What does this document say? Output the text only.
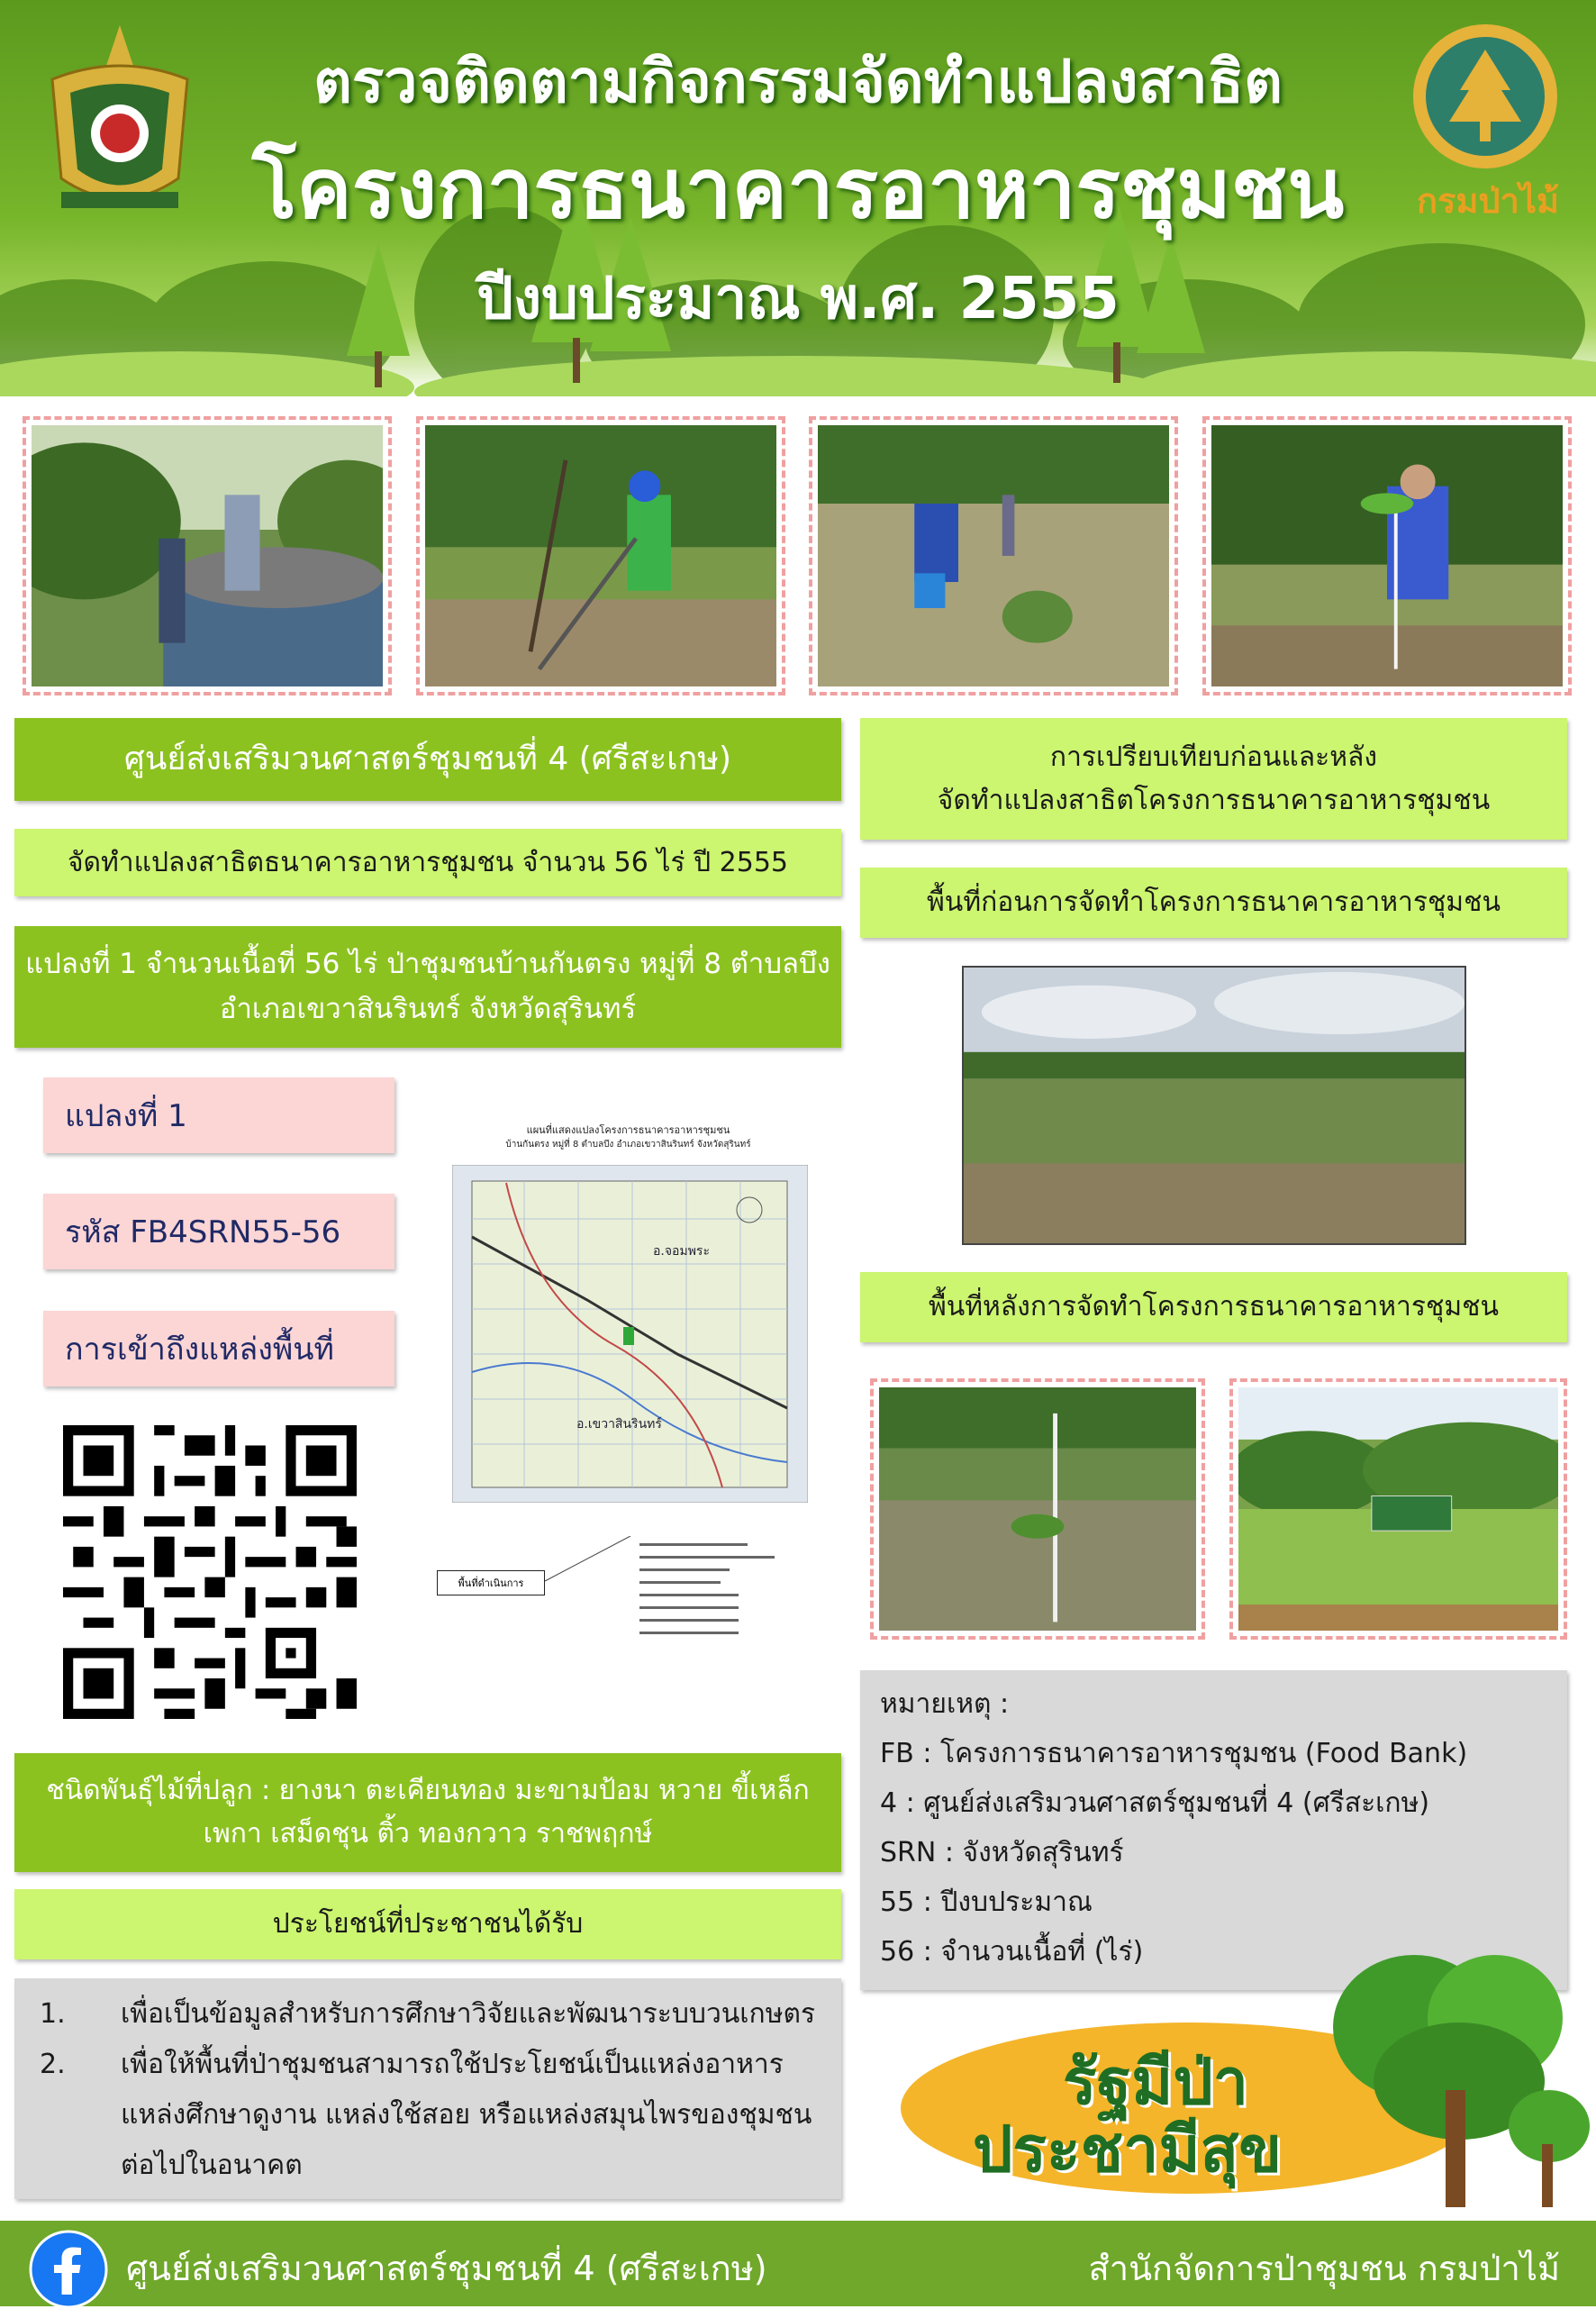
กรมป่าไม้
ตรวจติดตามกิจกรรมจัดทำแปลงสาธิต
โครงการธนาคารอาหารชุมชน
ปีงบประมาณ พ.ศ. 2555
ศูนย์ส่งเสริมวนศาสตร์ชุมชนที่ 4 (ศรีสะเกษ)
จัดทำแปลงสาธิตธนาคารอาหารชุมชน จำนวน 56 ไร่ ปี 2555
แปลงที่ 1 จำนวนเนื้อที่ 56 ไร่ ป่าชุมชนบ้านกันตรง หมู่ที่ 8 ตำบลบึง
อำเภอเขวาสินรินทร์ จังหวัดสุรินทร์
แปลงที่ 1
รหัส FB4SRN55-56
การเข้าถึงแหล่งพื้นที่
แผนที่แสดงแปลงโครงการธนาคารอาหารชุมชน
บ้านกันตรง หมู่ที่ 8 ตำบลบึง อำเภอเขวาสินรินทร์ จังหวัดสุรินทร์
อ.จอมพระ
อ.เขวาสินรินทร์
พื้นที่ดำเนินการ
ชนิดพันธุ์ไม้ที่ปลูก : ยางนา ตะเคียนทอง มะขามป้อม หวาย ขี้เหล็ก
เพกา เสม็ดชุน ติ้ว ทองกวาว ราชพฤกษ์
ประโยชน์ที่ประชาชนได้รับ
1.	เพื่อเป็นข้อมูลสำหรับการศึกษาวิจัยและพัฒนาระบบวนเกษตร
2.	เพื่อให้พื้นที่ป่าชุมชนสามารถใช้ประโยชน์เป็นแหล่งอาหาร
แหล่งศึกษาดูงาน แหล่งใช้สอย หรือแหล่งสมุนไพรของชุมชน
ต่อไปในอนาคต
การเปรียบเทียบก่อนและหลัง
จัดทำแปลงสาธิตโครงการธนาคารอาหารชุมชน
พื้นที่ก่อนการจัดทำโครงการธนาคารอาหารชุมชน
พื้นที่หลังการจัดทำโครงการธนาคารอาหารชุมชน
หมายเหตุ :
FB : โครงการธนาคารอาหารชุมชน (Food Bank)
4 : ศูนย์ส่งเสริมวนศาสตร์ชุมชนที่ 4 (ศรีสะเกษ)
SRN : จังหวัดสุรินทร์
55 : ปีงบประมาณ
56 : จำนวนเนื้อที่ (ไร่)
รัฐมีป่า
ประชามีสุข
ศูนย์ส่งเสริมวนศาสตร์ชุมชนที่ 4 (ศรีสะเกษ)	สำนักจัดการป่าชุมชน กรมป่าไม้
